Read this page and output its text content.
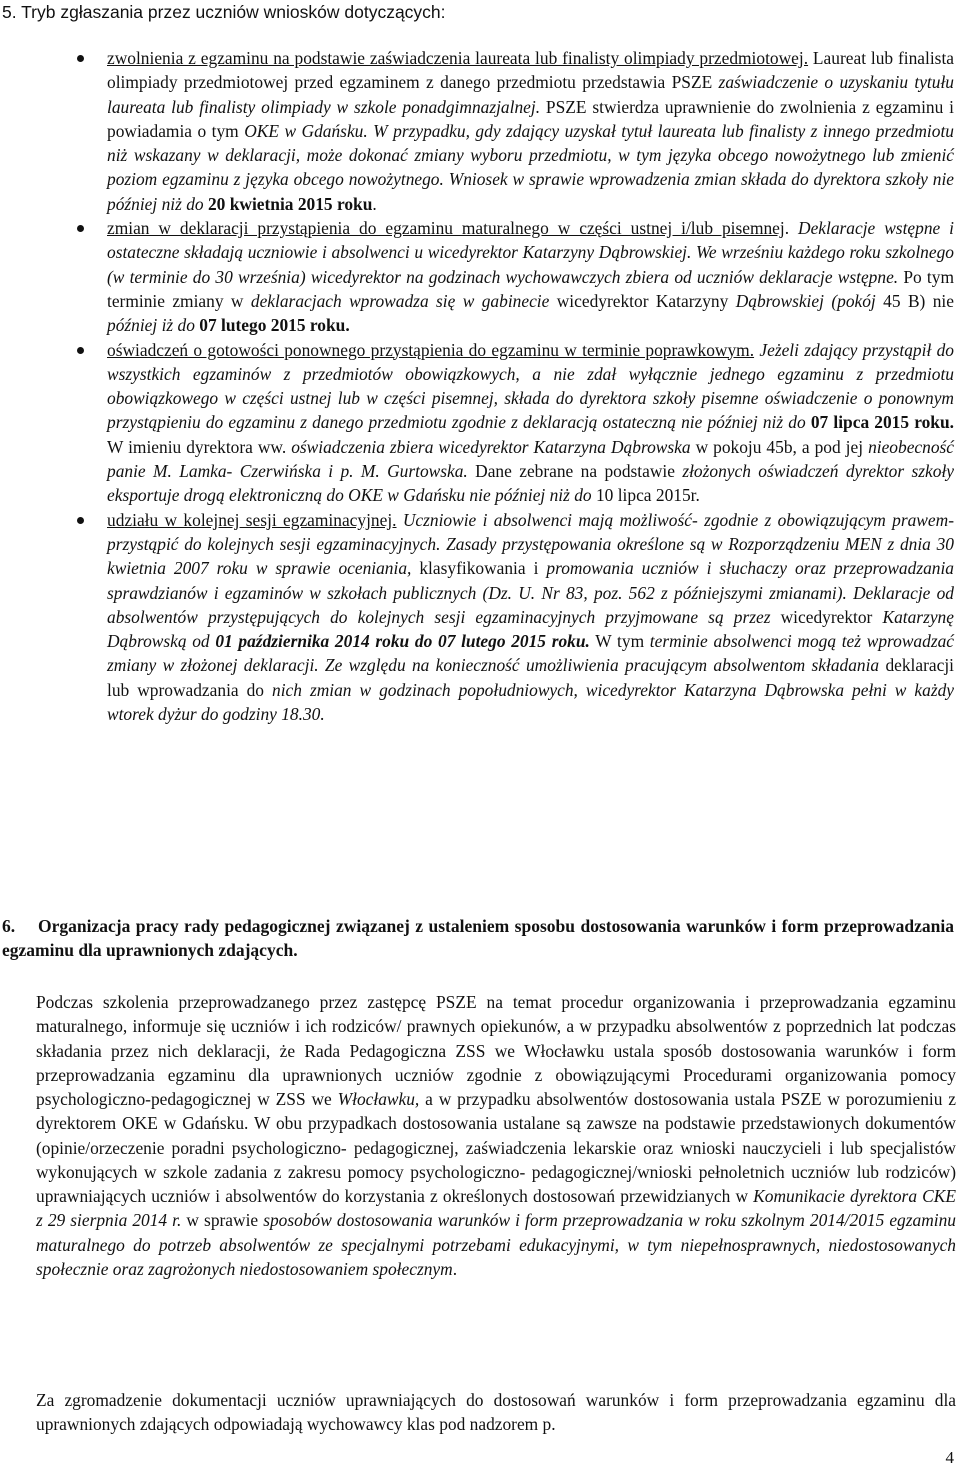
5. Tryb zgłaszania przez uczniów wniosków dotyczących:
zwolnienia z egzaminu na podstawie zaświadczenia laureata lub finalisty olimpiady przedmiotowej. Laureat lub finalista olimpiady przedmiotowej przed egzaminem z danego przedmiotu przedstawia PSZE zaświadczenie o uzyskaniu tytułu laureata lub finalisty olimpiady w szkole ponadgimnazjalnej. PSZE stwierdza uprawnienie do zwolnienia z egzaminu i powiadamia o tym OKE w Gdańsku. W przypadku, gdy zdający uzyskał tytuł laureata lub finalisty z innego przedmiotu niż wskazany w deklaracji, może dokonać zmiany wyboru przedmiotu, w tym języka obcego nowożytnego lub zmienić poziom egzaminu z języka obcego nowożytnego. Wniosek w sprawie wprowadzenia zmian składa do dyrektora szkoły nie później niż do 20 kwietnia 2015 roku.
zmian w deklaracji przystąpienia do egzaminu maturalnego w części ustnej i/lub pisemnej. Deklaracje wstępne i ostateczne składają uczniowie i absolwenci u wicedyrektor Katarzyny Dąbrowskiej. We wrześniu każdego roku szkolnego (w terminie do 30 września) wicedyrektor na godzinach wychowawczych zbiera od uczniów deklaracje wstępne. Po tym terminie zmiany w deklaracjach wprowadza się w gabinecie wicedyrektor Katarzyny Dąbrowskiej (pokój 45 B) nie później iż do 07 lutego 2015 roku.
oświadczeń o gotowości ponownego przystąpienia do egzaminu w terminie poprawkowym. Jeżeli zdający przystąpił do wszystkich egzaminów z przedmiotów obowiązkowych, a nie zdał wyłącznie jednego egzaminu z przedmiotu obowiązkowego w części ustnej lub w części pisemnej, składa do dyrektora szkoły pisemne oświadczenie o ponownym przystąpieniu do egzaminu z danego przedmiotu zgodnie z deklaracją ostateczną nie później niż do 07 lipca 2015 roku. W imieniu dyrektora ww. oświadczenia zbiera wicedyrektor Katarzyna Dąbrowska w pokoju 45b, a pod jej nieobecność panie M. Lamka- Czerwińska i p. M. Gurtowska. Dane zebrane na podstawie złożonych oświadczeń dyrektor szkoły eksportuje drogą elektroniczną do OKE w Gdańsku nie później niż do 10 lipca 2015r.
udziału w kolejnej sesji egzaminacyjnej. Uczniowie i absolwenci mają możliwość- zgodnie z obowiązującym prawem- przystąpić do kolejnych sesji egzaminacyjnych. Zasady przystępowania określone są w Rozporządzeniu MEN z dnia 30 kwietnia 2007 roku w sprawie oceniania, klasyfikowania i promowania uczniów i słuchaczy oraz przeprowadzania sprawdzianów i egzaminów w szkołach publicznych (Dz. U. Nr 83, poz. 562 z późniejszymi zmianami). Deklaracje od absolwentów przystępujących do kolejnych sesji egzaminacyjnych przyjmowane są przez wicedyrektor Katarzynę Dąbrowską od 01 października 2014 roku do 07 lutego 2015 roku. W tym terminie absolwenci mogą też wprowadzać zmiany w złożonej deklaracji. Ze względu na konieczność umożliwienia pracującym absolwentom składania deklaracji lub wprowadzania do nich zmian w godzinach popołudniowych, wicedyrektor Katarzyna Dąbrowska pełni w każdy wtorek dyżur do godziny 18.30.
6. Organizacja pracy rady pedagogicznej związanej z ustaleniem sposobu dostosowania warunków i form przeprowadzania egzaminu dla uprawnionych zdających.

Podczas szkolenia przeprowadzanego przez zastępcę PSZE na temat procedur organizowania i przeprowadzania egzaminu maturalnego, informuje się uczniów i ich rodziców/ prawnych opiekunów, a w przypadku absolwentów z poprzednich lat podczas składania przez nich deklaracji, że Rada Pedagogiczna ZSS we Włocławku ustala sposób dostosowania warunków i form przeprowadzania egzaminu dla uprawnionych uczniów zgodnie z obowiązującymi Procedurami organizowania pomocy psychologiczno-pedagogicznej w ZSS we Włocławku, a w przypadku absolwentów dostosowania ustala PSZE w porozumieniu z dyrektorem OKE w Gdańsku. W obu przypadkach dostosowania ustalane są zawsze na podstawie przedstawionych dokumentów (opinie/orzeczenie poradni psychologiczno- pedagogicznej, zaświadczenia lekarskie oraz wnioski nauczycieli i lub specjalistów wykonujących w szkole zadania z zakresu pomocy psychologiczno- pedagogicznej/wnioski pełnoletnich uczniów lub rodziców) uprawniających uczniów i absolwentów do korzystania z określonych dostosowań przewidzianych w Komunikacie dyrektora CKE z 29 sierpnia 2014 r. w sprawie sposobów dostosowania warunków i form przeprowadzania w roku szkolnym 2014/2015 egzaminu maturalnego do potrzeb absolwentów ze specjalnymi potrzebami edukacyjnymi, w tym niepełnosprawnych, niedostosowanych społecznie oraz zagrożonych niedostosowaniem społecznym.

Za zgromadzenie dokumentacji uczniów uprawniających do dostosowań warunków i form przeprowadzania egzaminu dla uprawnionych zdających odpowiadają wychowawcy klas pod nadzorem p.

4
